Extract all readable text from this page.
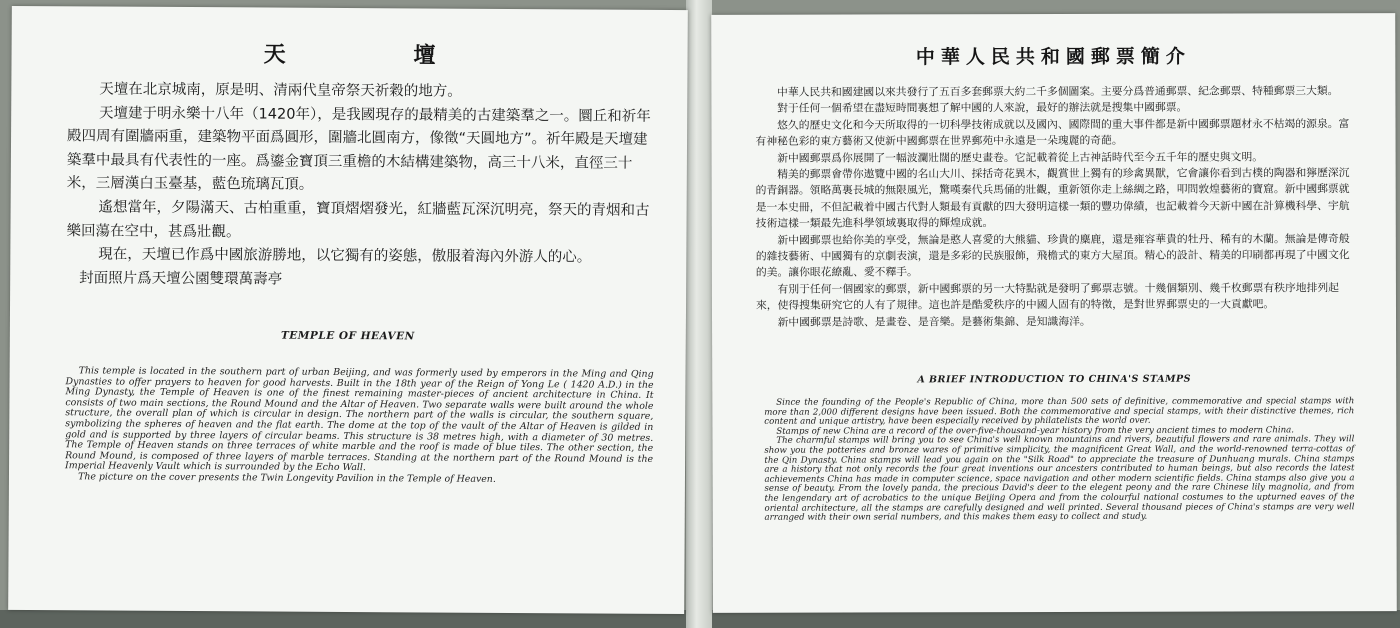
天 壇

天壇在北京城南，原是明、清兩代皇帝祭天祈穀的地方。

天壇建于明永樂十八年（1420年），是我國現存的最精美的古建築羣之一。圜丘和祈年殿四周有圍牆兩重，建築物平面爲圓形，圍牆北圓南方，像徵“天圓地方”。祈年殿是天壇建築羣中最具有代表性的一座。爲鎏金寶頂三重檐的木結構建築物，高三十八米，直徑三十米，三層漢白玉臺基，藍色琉璃瓦頂。

遙想當年，夕陽滿天、古柏重重，寶頂熠熠發光，紅牆藍瓦深沉明亮，祭天的青烟和古樂回蕩在空中，甚爲壯觀。

現在，天壇已作爲中國旅游勝地，以它獨有的姿態，傲服着海內外游人的心。

封面照片爲天壇公園雙環萬壽亭

TEMPLE OF HEAVEN

This temple is located in the southern part of urban Beijing, and was formerly used by emperors in the Ming and Qing Dynasties to offer prayers to heaven for good harvests. Built in the 18th year of the Reign of Yong Le ( 1420 A.D.) in the Ming Dynasty, the Temple of Heaven is one of the finest remaining master-pieces of ancient architecture in China. It consists of two main sections, the Round Mound and the Altar of Heaven. Two separate walls were built around the whole structure, the overall plan of which is circular in design. The northern part of the walls is circular, the southern square, symbolizing the spheres of heaven and the flat earth. The dome at the top of the vault of the Altar of Heaven is gilded in gold and is supported by three layers of circular beams. This structure is 38 metres high, with a diameter of 30 metres. The Temple of Heaven stands on three terraces of white marble and the roof is made of blue tiles. The other section, the Round Mound, is composed of three layers of marble terraces. Standing at the northern part of the Round Mound is the Imperial Heavenly Vault which is surrounded by the Echo Wall.

The picture on the cover presents the Twin Longevity Pavilion in the Temple of Heaven.

中華人民共和國郵票簡介

中華人民共和國建國以來共發行了五百多套郵票大約二千多個圖案。主要分爲普通郵票、紀念郵票、特種郵票三大類。

對于任何一個希望在盡短時間裏想了解中國的人來說，最好的辦法就是搜集中國郵票。

悠久的歷史文化和今天所取得的一切科學技術成就以及國內、國際間的重大事件都是新中國郵票題材永不枯竭的源泉。富有神秘色彩的東方藝術又使新中國郵票在世界郵苑中永遠是一朵瑰麗的奇葩。

新中國郵票爲你展開了一幅波瀾壯闊的歷史畫卷。它記載着從上古神話時代至今五千年的歷史與文明。

精美的郵票會帶你遨覽中國的名山大川、採括奇花異木，觀賞世上獨有的珍禽異獸，它會讓你看到古樸的陶器和獰歷深沉的青銅器。領略萬裏長城的無限風光，驚嘆秦代兵馬俑的壯觀，重新領你走上絲綢之路，叩問敦煌藝術的寶窟。新中國郵票就是一本史冊，不但記載着中國古代對人類最有貢獻的四大發明這樣一類的豐功偉績，也記載着今天新中國在計算機科學、宇航技術這樣一類最先進科學領域裏取得的輝煌成就。

新中國郵票也給你美的享受，無論是憨人喜愛的大熊貓、珍貴的麋鹿，還是雍容華貴的牡丹、稀有的木蘭。無論是傳奇般的雜技藝術、中國獨有的京劇表演，還是多彩的民族服飾，飛檐式的東方大屋頂。精心的設計、精美的印刷都再現了中國文化的美。讓你眼花繚亂、愛不釋手。

有別于任何一個國家的郵票，新中國郵票的另一大特點就是發明了郵票志號。十幾個類別、幾千枚郵票有秩序地排列起來，使得搜集研究它的人有了規律。這也許是酷愛秩序的中國人固有的特徵，是對世界郵票史的一大貢獻吧。

新中國郵票是詩歌、是畫卷、是音樂。是藝術集錦、是知識海洋。

A BRIEF INTRODUCTION TO CHINA'S STAMPS

Since the founding of the People's Republic of China, more than 500 sets of definitive, commemorative and special stamps with more than 2,000 different designs have been issued. Both the commemorative and special stamps, with their distinctive themes, rich content and unique artistry, have been especially received by philatelists the world over.

Stamps of new China are a record of the over-five-thousand-year history from the very ancient times to modern China.

The charmful stamps will bring you to see China's well known mountains and rivers, beautiful flowers and rare animals. They will show you the potteries and bronze wares of primitive simplicity, the magnificent Great Wall, and the world-renowned terra-cottas of the Qin Dynasty. China stamps will lead you again on the "Silk Road" to appreciate the treasure of Dunhuang murals. China stamps are a history that not only records the four great inventions our ancesters contributed to human beings, but also records the latest achievements China has made in computer science, space navigation and other modern scientific fields. China stamps also give you a sense of beauty. From the lovely panda, the precious David's deer to the elegent peony and the rare Chinese lily magnolia, and from the lengendary art of acrobatics to the unique Beijing Opera and from the colourful national costumes to the upturned eaves of the oriental architecture, all the stamps are carefully designed and well printed. Several thousand pieces of China's stamps are very well arranged with their own serial numbers, and this makes them easy to collect and study.
